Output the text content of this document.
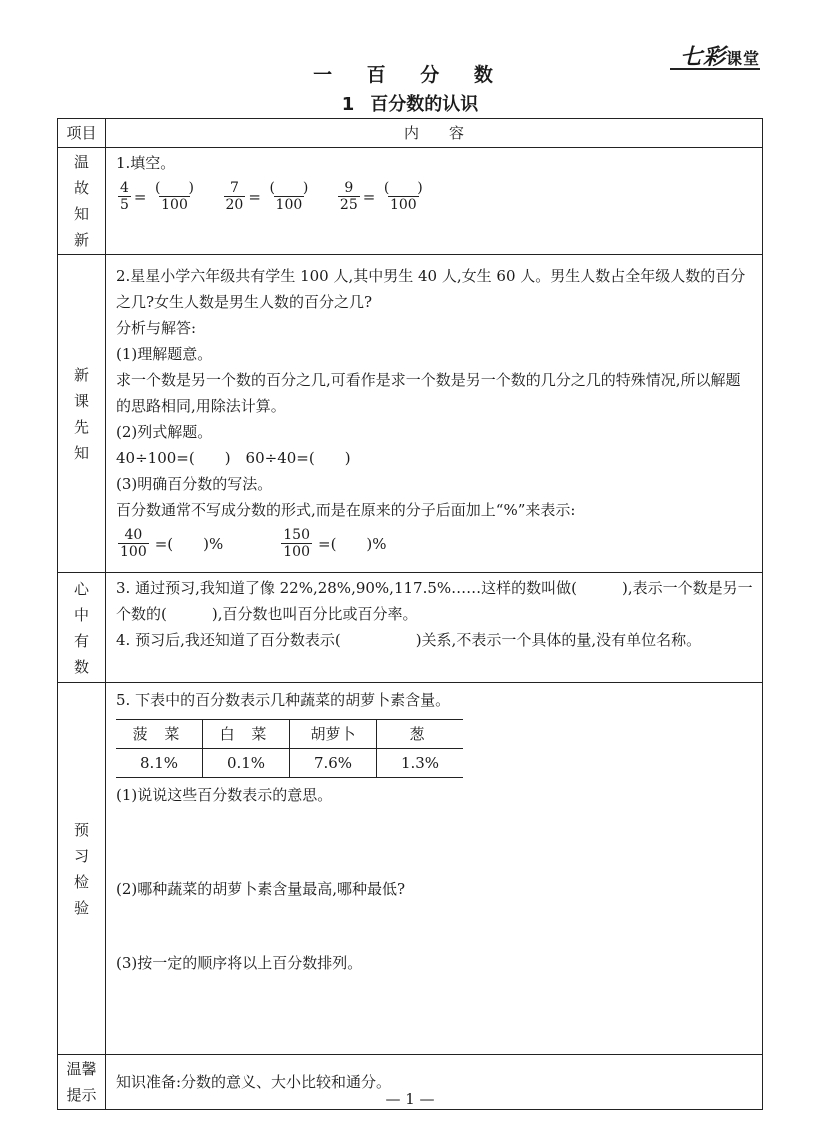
七彩课堂
一 百 分 数
1 百分数的认识
项目	内　　容

温
故
知
新

1.填空。
$\frac{4}{5} = \frac{( )}{100} \frac{7}{20} = \frac{( )}{100} \frac{9}{25} = \frac{( )}{100}$

新
课
先
知

2.星星小学六年级共有学生 100 人,其中男生 40 人,女生 60 人。男生人数占全年级人数的百分之几?女生人数是男生人数的百分之几?
分析与解答:
(1)理解题意。
求一个数是另一个数的百分之几,可看作是求一个数是另一个数的几分之几的特殊情况,所以解题的思路相同,用除法计算。
(2)列式解题。
40÷100=(　　)　60÷40=(　　)
(3)明确百分数的写法。
百分数通常不写成分数的形式,而是在原来的分子后面加上“%”来表示:
$\frac{40}{100}$ =(　　)%	$\frac{150}{100}$ =(　　)%

心
中
有
数

3. 通过预习,我知道了像 22%,28%,90%,117.5%……这样的数叫做(　　　),表示一个数是另一个数的(　　　),百分数也叫百分比或百分率。
4. 预习后,我还知道了百分数表示(　　　　　)关系,不表示一个具体的量,没有单位名称。

预
习
检
验

5. 下表中的百分数表示几种蔬菜的胡萝卜素含量。
菠 菜	白 菜	胡萝卜	葱
8.1%	0.1%	7.6%	1.3%
(1)说说这些百分数表示的意思。
(2)哪种蔬菜的胡萝卜素含量最高,哪种最低?
(3)按一定的顺序将以上百分数排列。

温馨
提示

知识准备:分数的意义、大小比较和通分。
— 1 —
